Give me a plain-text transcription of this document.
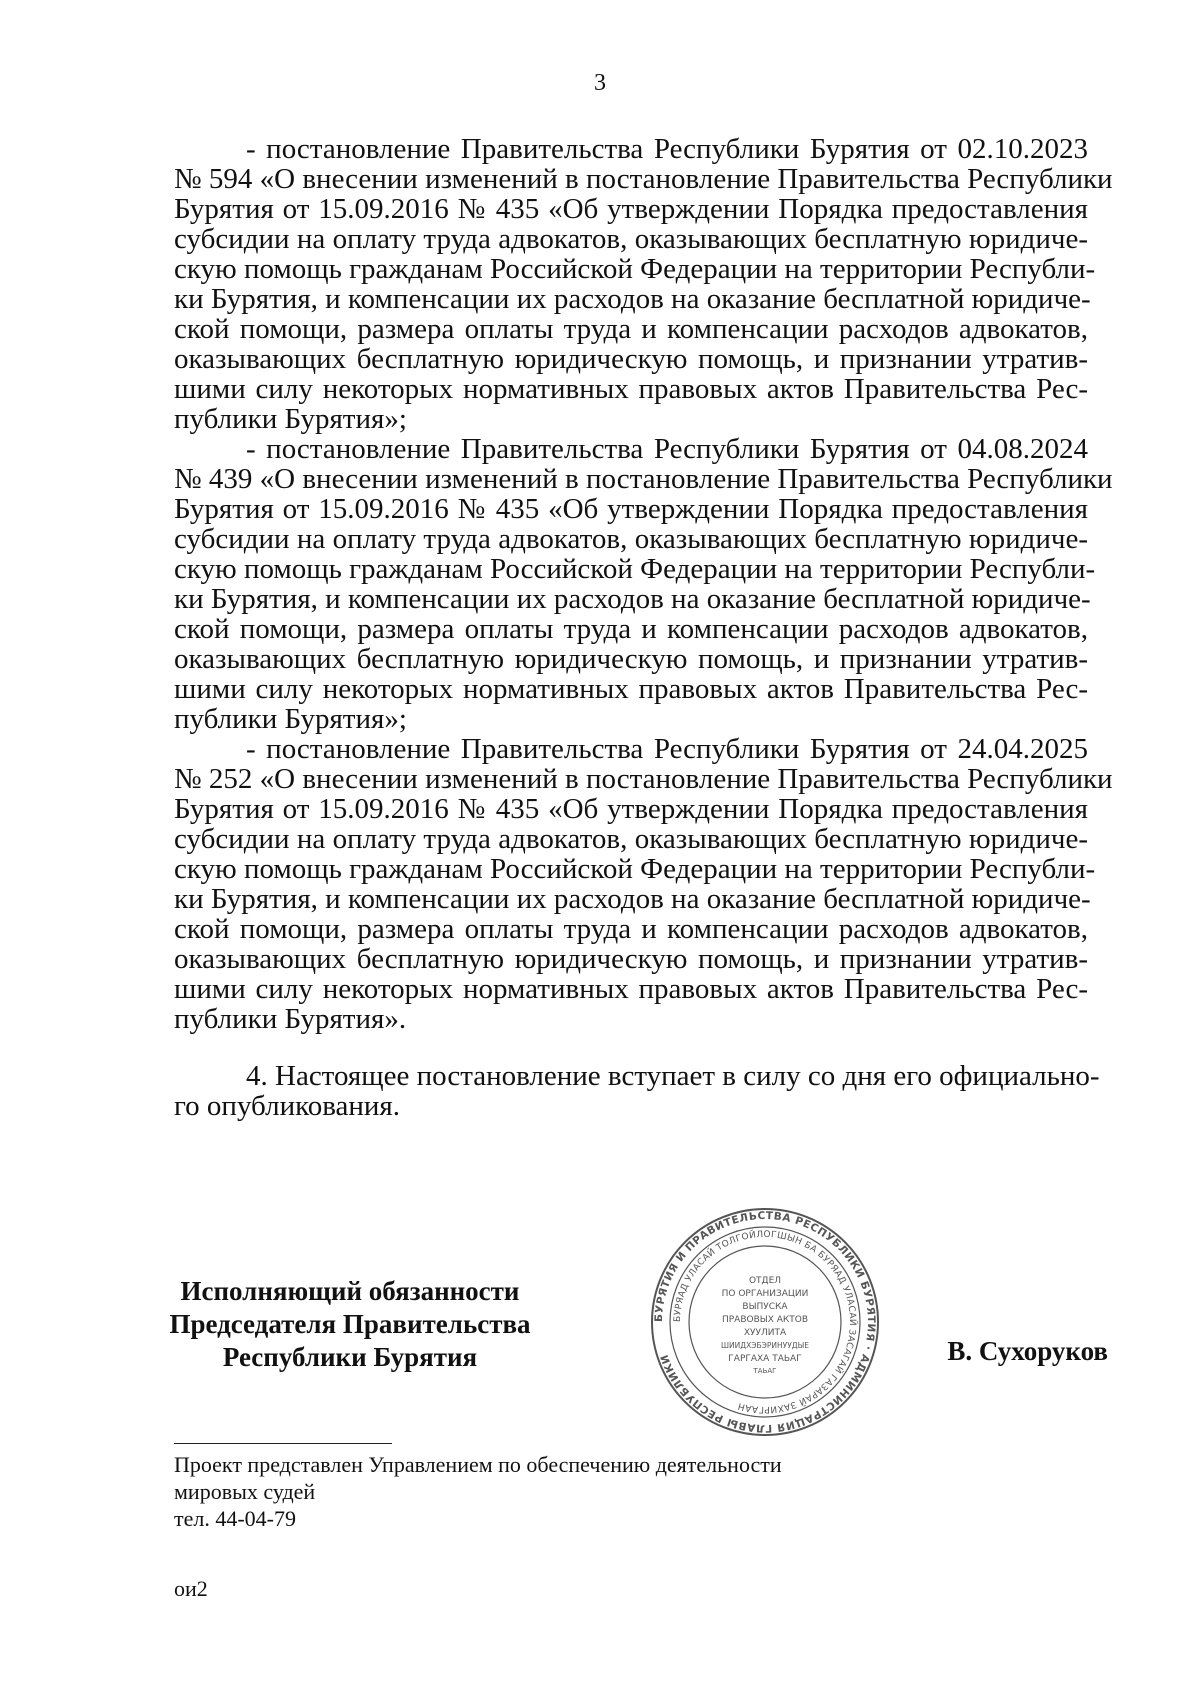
3
- постановление Правительства Республики Бурятия от 02.10.2023
№ 594 «О внесении изменений в постановление Правительства Республики
Бурятия от 15.09.2016 № 435 «Об утверждении Порядка предоставления
субсидии на оплату труда адвокатов, оказывающих бесплатную юридиче-
скую помощь гражданам Российской Федерации на территории Республи-
ки Бурятия, и компенсации их расходов на оказание бесплатной юридиче-
ской помощи, размера оплаты труда и компенсации расходов адвокатов,
оказывающих бесплатную юридическую помощь, и признании утратив-
шими силу некоторых нормативных правовых актов Правительства Рес-
публики Бурятия»;
- постановление Правительства Республики Бурятия от 04.08.2024
№ 439 «О внесении изменений в постановление Правительства Республики
Бурятия от 15.09.2016 № 435 «Об утверждении Порядка предоставления
субсидии на оплату труда адвокатов, оказывающих бесплатную юридиче-
скую помощь гражданам Российской Федерации на территории Республи-
ки Бурятия, и компенсации их расходов на оказание бесплатной юридиче-
ской помощи, размера оплаты труда и компенсации расходов адвокатов,
оказывающих бесплатную юридическую помощь, и признании утратив-
шими силу некоторых нормативных правовых актов Правительства Рес-
публики Бурятия»;
- постановление Правительства Республики Бурятия от 24.04.2025
№ 252 «О внесении изменений в постановление Правительства Республики
Бурятия от 15.09.2016 № 435 «Об утверждении Порядка предоставления
субсидии на оплату труда адвокатов, оказывающих бесплатную юридиче-
скую помощь гражданам Российской Федерации на территории Республи-
ки Бурятия, и компенсации их расходов на оказание бесплатной юридиче-
ской помощи, размера оплаты труда и компенсации расходов адвокатов,
оказывающих бесплатную юридическую помощь, и признании утратив-
шими силу некоторых нормативных правовых актов Правительства Рес-
публики Бурятия».
4. Настоящее постановление вступает в силу со дня его официально-
го опубликования.
Исполняющий обязанности
Председателя Правительства
Республики Бурятия	В. Сухоруков
БУРЯТИЯ И ПРАВИТЕЛЬСТВА РЕСПУБЛИКИ БУРЯТИЯ · АДМИНИСТРАЦИЯ ГЛАВЫ РЕСПУБЛИКИ
БУРЯАД УЛАСАЙ ТОЛГОЙЛОГШЫН БА БУРЯАД УЛАСАЙ ЗАСАГАЙ ГАЗАРАЙ ЗАХИРГААН
ОТДЕЛ
ПО ОРГАНИЗАЦИИ
ВЫПУСКА
ПРАВОВЫХ АКТОВ
ХУУЛИТА
ШИИДХЭБЭРИНУУДЫЕ
ГАРГАХА ТАЬАГ
ТАЬАГ
Проект представлен Управлением по обеспечению деятельности
мировых судей
тел. 44-04-79
ои2
